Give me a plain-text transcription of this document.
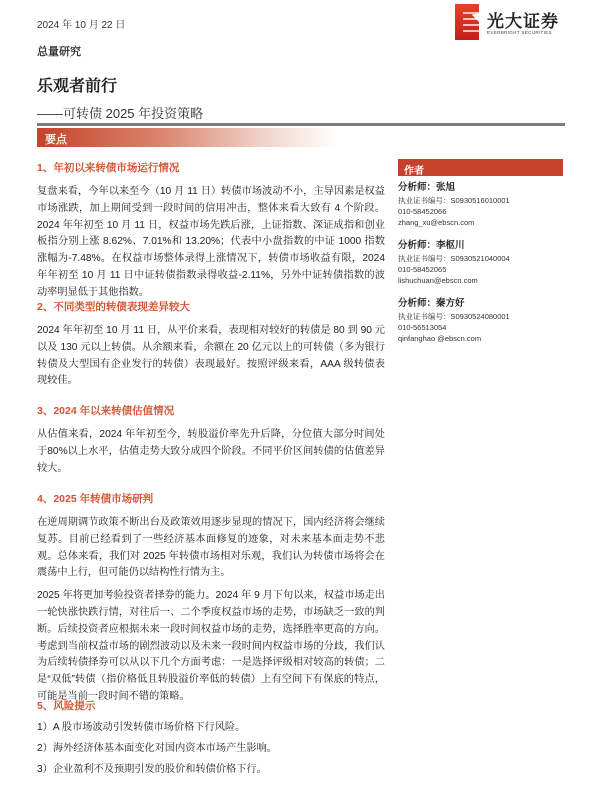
2024 年 10 月 22 日	光大证券
EVERBRIGHT SECURITIES
总量研究
乐观者前行
——可转债 2025 年投资策略
要点
1、年初以来转债市场运行情况

复盘来看，今年以来至今（10 月 11 日）转债市场波动不小，主导因素是权益市场涨跌，加上期间受到一段时间的信用冲击，整体来看大致有 4 个阶段。2024 年年初至 10 月 11 日，权益市场先跌后涨，上证指数、深证成指和创业板指分别上涨 8.62%、7.01%和 13.20%；代表中小盘指数的中证 1000 指数涨幅为-7.48%。在权益市场整体录得上涨情况下，转债市场收益有限，2024 年年初至 10 月 11 日中证转债指数录得收益-2.11%，另外中证转债指数的波动率明显低于其他指数。

2、不同类型的转债表现差异较大

2024 年年初至 10 月 11 日，从平价来看，表现相对较好的转债是 80 到 90 元以及 130 元以上转债。从余额来看，余额在 20 亿元以上的可转债（多为银行转债及大型国有企业发行的转债）表现最好。按照评级来看，AAA 级转债表现较佳。

3、2024 年以来转债估值情况

从估值来看，2024 年年初至今，转股溢价率先升后降，分位值大部分时间处于80%以上水平，估值走势大致分成四个阶段。不同平价区间转债的估值差异较大。

4、2025 年转债市场研判

在逆周期调节政策不断出台及政策效用逐步显现的情况下，国内经济将会继续复苏。目前已经看到了一些经济基本面修复的迹象，对未来基本面走势不悲观。总体来看，我们对 2025 年转债市场相对乐观，我们认为转债市场将会在震荡中上行，但可能仍以结构性行情为主。

2025 年将更加考验投资者择券的能力。2024 年 9 月下旬以来，权益市场走出一轮快涨快跌行情，对往后一、二个季度权益市场的走势，市场缺乏一致的判断。后续投资者应根据未来一段时间权益市场的走势，选择胜率更高的方向。考虑到当前权益市场的剧烈波动以及未来一段时间内权益市场的分歧，我们认为后续转债择券可以从以下几个方面考虑：一是选择评级相对较高的转债；二是“双低”转债（指价格低且转股溢价率低的转债）上有空间下有保底的特点，可能是当前一段时间不错的策略。

5、风险提示
1）A 股市场波动引发转债市场价格下行风险。
2）海外经济体基本面变化对国内资本市场产生影响。
3）企业盈利不及预期引发的股价和转债价格下行。
作者
分析师：张旭
执业证书编号：S0930516010001
010-58452066
zhang_xu@ebscn.com
分析师：李枢川
执业证书编号：S0930521040004
010-58452065
lishuchuan@ebscn.com
分析师：秦方好
执业证书编号：S0930524080001
010-56513054
qinfanghao @ebscn.com
